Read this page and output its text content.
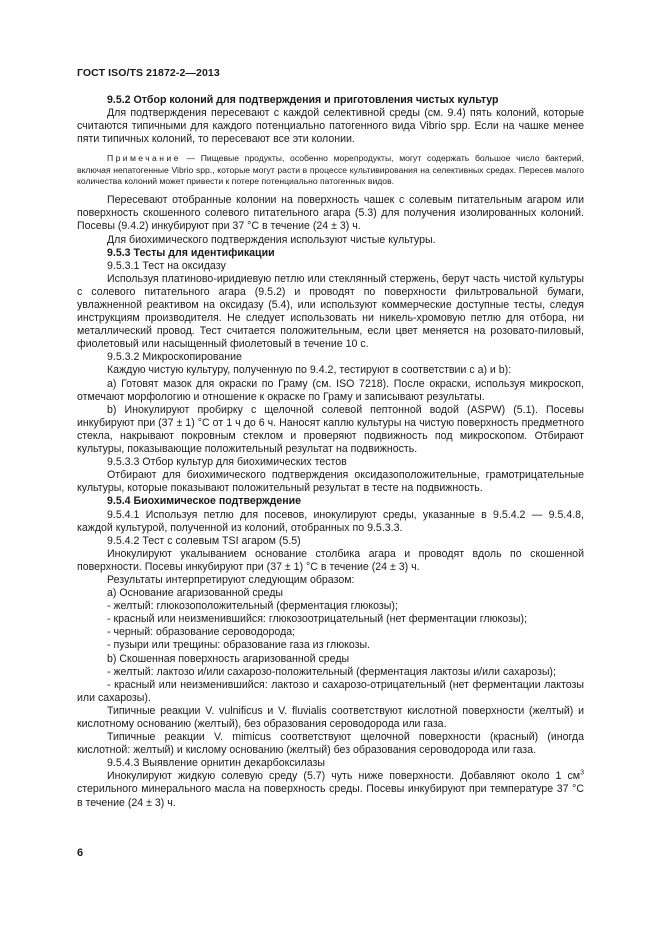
ГОСТ ISO/TS 21872-2—2013

9.5.2 Отбор колоний для подтверждения и приготовления чистых культур

Для подтверждения пересевают с каждой селективной среды (см. 9.4) пять колоний, которые считаются типичными для каждого потенциально патогенного вида Vibrio spp. Если на чашке менее пяти типичных колоний, то пересевают все эти колонии.

Примечание — Пищевые продукты, особенно морепродукты, могут содержать большое число бактерий, включая непатогенные Vibrio spp., которые могут расти в процессе культивирования на селективных средах. Пересев малого количества колоний может привести к потере потенциально патогенных видов.

Пересевают отобранные колонии на поверхность чашек с солевым питательным агаром или поверхность скошенного солевого питательного агара (5.3) для получения изолированных колоний. Посевы (9.4.2) инкубируют при 37 °С в течение (24 ± 3) ч.

Для биохимического подтверждения используют чистые культуры.

9.5.3 Тесты для идентификации

9.5.3.1 Тест на оксидазу

Используя платиново-иридиевую петлю или стеклянный стержень, берут часть чистой культуры с солевого питательного агара (9.5.2) и проводят по поверхности фильтровальной бумаги, увлажненной реактивом на оксидазу (5.4), или используют коммерческие доступные тесты, следуя инструкциям производителя. Не следует использовать ни никель-хромовую петлю для отбора, ни металлический провод. Тест считается положительным, если цвет меняется на розовато-пиловый, фиолетовый или насыщенный фиолетовый в течение 10 с.

9.5.3.2 Микроскопирование

Каждую чистую культуру, полученную по 9.4.2, тестируют в соответствии с а) и b):

а) Готовят мазок для окраски по Граму (см. ISO 7218). После окраски, используя микроскоп, отмечают морфологию и отношение к окраске по Граму и записывают результаты.

b) Инокулируют пробирку с щелочной солевой пептонной водой (ASPW) (5.1). Посевы инкубируют при (37 ± 1) °С от 1 ч до 6 ч. Наносят каплю культуры на чистую поверхность предметного стекла, накрывают покровным стеклом и проверяют подвижность под микроскопом. Отбирают культуры, показывающие положительный результат на подвижность.

9.5.3.3 Отбор культур для биохимических тестов

Отбирают для биохимического подтверждения оксидазоположительные, грамотрицательные культуры, которые показывают положительный результат в тесте на подвижность.

9.5.4 Биохимическое подтверждение

9.5.4.1 Используя петлю для посевов, инокулируют среды, указанные в 9.5.4.2 — 9.5.4.8, каждой культурой, полученной из колоний, отобранных по 9.5.3.3.

9.5.4.2 Тест с солевым TSI агаром (5.5)

Инокулируют укалыванием основание столбика агара и проводят вдоль по скошенной поверхности. Посевы инкубируют при (37 ± 1) °С в течение (24 ± 3) ч.

Результаты интерпретируют следующим образом:

а) Основание агаризованной среды

- желтый: глюкозоположительный (ферментация глюкозы);

- красный или неизменившийся: глюкозоотрицательный (нет ферментации глюкозы);

- черный: образование сероводорода;

- пузыри или трещины: образование газа из глюкозы.

b) Скошенная поверхность агаризованной среды

- желтый: лактозо и/или сахарозо-положительный (ферментация лактозы и/или сахарозы);

- красный или неизменившийся: лактозо и сахарозо-отрицательный (нет ферментации лактозы или сахарозы).

Типичные реакции V. vulnificus и V. fluvialis соответствуют кислотной поверхности (желтый) и кислотному основанию (желтый), без образования сероводорода или газа.

Типичные реакции V. mimicus соответствуют щелочной поверхности (красный) (иногда кислотной: желтый) и кислому основанию (желтый) без образования сероводорода или газа.

9.5.4.3 Выявление орнитин декарбоксилазы

Инокулируют жидкую солевую среду (5.7) чуть ниже поверхности. Добавляют около 1 $см^3$ стерильного минерального масла на поверхность среды. Посевы инкубируют при температуре 37 °С в течение (24 ± 3) ч.

6
